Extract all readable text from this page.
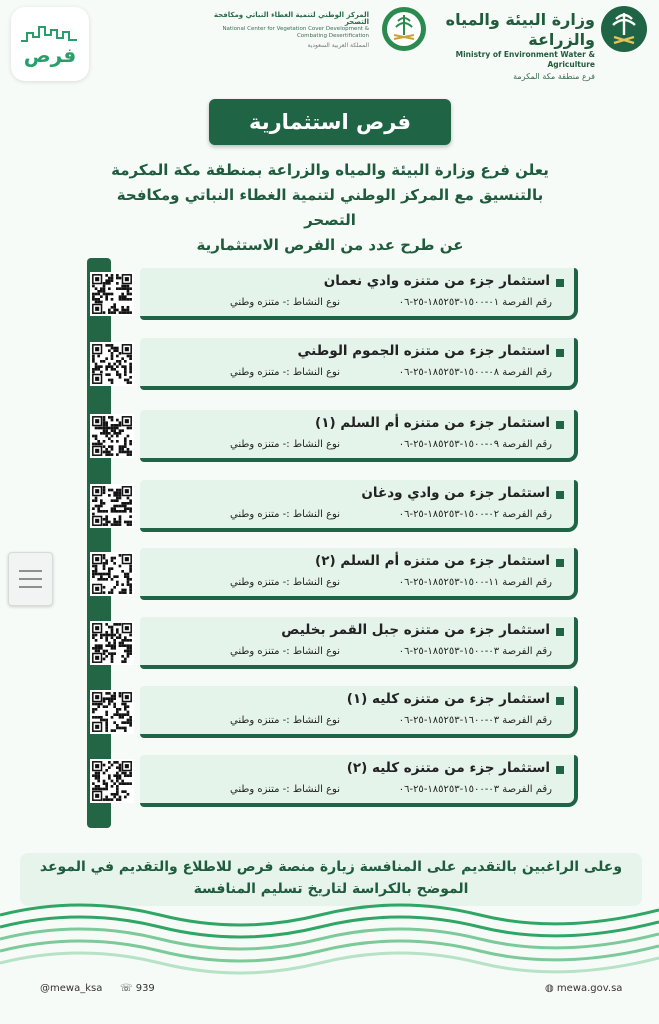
فرص
المركز الوطني لتنمية الغطاء النباتي ومكافحة التصحر
National Center for Vegetation Cover Development & Combating Desertification
المملكة العربية السعودية
وزارة البيئة والمياه والزراعة
Ministry of Environment Water & Agriculture
فرع منطقة مكة المكرمة
فرص استثمارية
يعلن فرع وزارة البيئة والمياه والزراعة بمنطقة مكة المكرمة
بالتنسيق مع المركز الوطني لتنمية الغطاء النباتي ومكافحة التصحر
عن طرح عدد من الفرص الاستثمارية
استثمار جزء من متنزه وادي نعمان
رقم الفرصة ٠١-١٥٠٠-١٨٥٢٥٣-٢٥-٠٦
نوع النشاط :- متنزه وطني
استثمار جزء من متنزه الجموم الوطني
رقم الفرصة ٠٨-١٥٠٠-١٨٥٢٥٣-٢٥-٠٦
نوع النشاط :- متنزه وطني
استثمار جزء من متنزه أم السلم (١)
رقم الفرصة ٠٩-١٥٠٠-١٨٥٢٥٣-٢٥-٠٦
نوع النشاط :- متنزه وطني
استثمار جزء من وادي ودغان
رقم الفرصة ٠٢-١٥٠٠-١٨٥٢٥٣-٢٥-٠٦
نوع النشاط :- متنزه وطني
استثمار جزء من متنزه أم السلم (٢)
رقم الفرصة ١١-١٥٠٠-١٨٥٢٥٣-٢٥-٠٦
نوع النشاط :- متنزه وطني
استثمار جزء من متنزه جبل القمر بخليص
رقم الفرصة ٠٣-١٥٠٠-١٨٥٢٥٣-٢٥-٠٦
نوع النشاط :- متنزه وطني
استثمار جزء من متنزه كليه (١)
رقم الفرصة ٠٣-١٦٠٠-١٨٥٢٥٣-٢٥-٠٦
نوع النشاط :- متنزه وطني
استثمار جزء من متنزه كليه (٢)
رقم الفرصة ٠٣-١٥٠٠-١٨٥٢٥٣-٢٥-٠٦
نوع النشاط :- متنزه وطني
وعلى الراغبين بالتقديم على المنافسة زيارة منصة فرص للاطلاع والتقديم في الموعد
الموضح بالكراسة لتاريخ تسليم المنافسة
@mewa_ksa ☏ 939	◍ mewa.gov.sa
